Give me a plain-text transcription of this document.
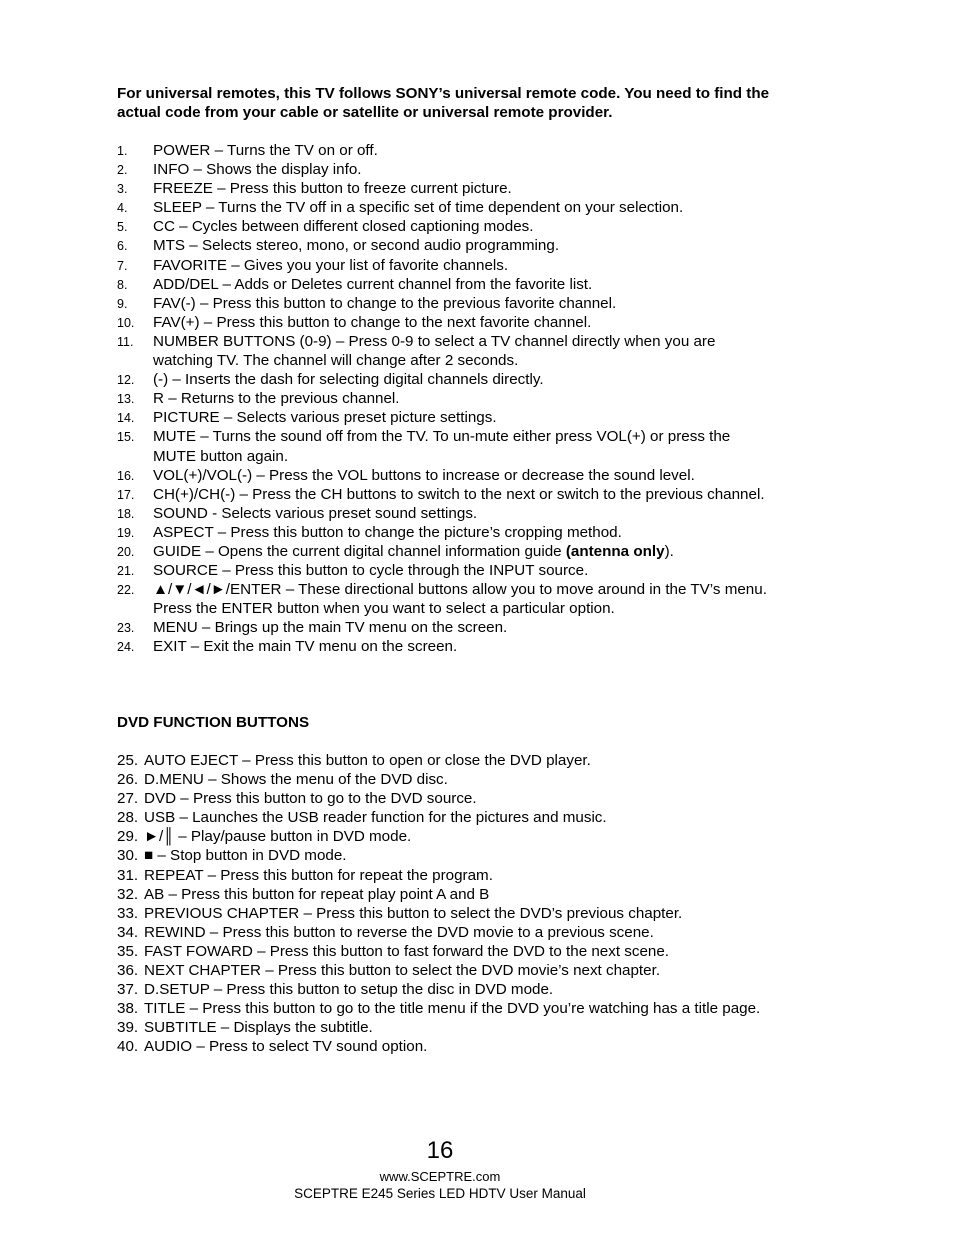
For universal remotes, this TV follows SONY’s universal remote code. You need to find the actual code from your cable or satellite or universal remote provider.
1. POWER – Turns the TV on or off.
2. INFO – Shows the display info.
3. FREEZE – Press this button to freeze current picture.
4. SLEEP – Turns the TV off in a specific set of time dependent on your selection.
5. CC – Cycles between different closed captioning modes.
6. MTS – Selects stereo, mono, or second audio programming.
7. FAVORITE – Gives you your list of favorite channels.
8. ADD/DEL – Adds or Deletes current channel from the favorite list.
9. FAV(-) – Press this button to change to the previous favorite channel.
10. FAV(+) – Press this button to change to the next favorite channel.
11. NUMBER BUTTONS (0-9) – Press 0-9 to select a TV channel directly when you are watching TV. The channel will change after 2 seconds.
12. (-) – Inserts the dash for selecting digital channels directly.
13. R – Returns to the previous channel.
14. PICTURE – Selects various preset picture settings.
15. MUTE – Turns the sound off from the TV. To un-mute either press VOL(+) or press the MUTE button again.
16. VOL(+)/VOL(-) – Press the VOL buttons to increase or decrease the sound level.
17. CH(+)/CH(-) – Press the CH buttons to switch to the next or switch to the previous channel.
18. SOUND - Selects various preset sound settings.
19. ASPECT – Press this button to change the picture’s cropping method.
20. GUIDE – Opens the current digital channel information guide (antenna only).
21. SOURCE – Press this button to cycle through the INPUT source.
22. ▲/▼/◄/►/ENTER – These directional buttons allow you to move around in the TV’s menu. Press the ENTER button when you want to select a particular option.
23. MENU – Brings up the main TV menu on the screen.
24. EXIT – Exit the main TV menu on the screen.
DVD FUNCTION BUTTONS
25. AUTO EJECT – Press this button to open or close the DVD player.
26. D.MENU – Shows the menu of the DVD disc.
27. DVD – Press this button to go to the DVD source.
28. USB – Launches the USB reader function for the pictures and music.
29. ►/║ – Play/pause button in DVD mode.
30. ■ – Stop button in DVD mode.
31. REPEAT – Press this button for repeat the program.
32. AB – Press this button for repeat play point A and B
33. PREVIOUS CHAPTER – Press this button to select the DVD’s previous chapter.
34. REWIND – Press this button to reverse the DVD movie to a previous scene.
35. FAST FOWARD – Press this button to fast forward the DVD to the next scene.
36. NEXT CHAPTER – Press this button to select the DVD movie’s next chapter.
37. D.SETUP – Press this button to setup the disc in DVD mode.
38. TITLE – Press this button to go to the title menu if the DVD you’re watching has a title page.
39. SUBTITLE – Displays the subtitle.
40. AUDIO – Press to select TV sound option.
16
www.SCEPTRE.com
SCEPTRE E245 Series LED HDTV User Manual
